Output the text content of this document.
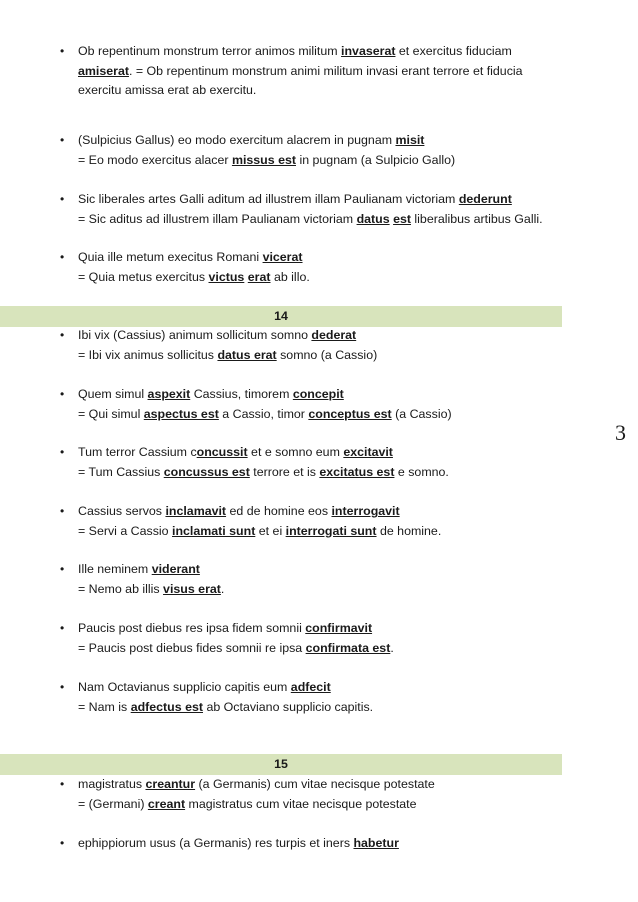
• Ob repentinum monstrum terror animos militum invaserat et exercitus fiduciam
amiserat. = Ob repentinum monstrum animi militum invasi erant terrore et fiducia
exercitu amissa erat ab exercitu.
• (Sulpicius Gallus) eo modo exercitum alacrem in pugnam misit
= Eo modo exercitus alacer missus est in pugnam (a Sulpicio Gallo)
• Sic liberales artes Galli aditum ad illustrem illam Paulianam victoriam dederunt
= Sic aditus ad illustrem illam Paulianam victoriam datus est liberalibus artibus Galli.
• Quia ille metum execitus Romani vicerat
= Quia metus exercitus victus erat ab illo.
14
• Ibi vix (Cassius) animum sollicitum somno dederat
= Ibi vix animus sollicitus datus erat somno (a Cassio)
• Quem simul aspexit Cassius, timorem concepit
= Qui simul aspectus est a Cassio, timor conceptus est (a Cassio)
• Tum terror Cassium concussit et e somno eum excitavit
= Tum Cassius concussus est terrore et is excitatus est e somno.
• Cassius servos inclamavit ed de homine eos interrogavit
= Servi a Cassio inclamati sunt et ei interrogati sunt de homine.
• Ille neminem viderant
= Nemo ab illis visus erat.
• Paucis post diebus res ipsa fidem somnii confirmavit
= Paucis post diebus fides somnii re ipsa confirmata est.
• Nam Octavianus supplicio capitis eum adfecit
= Nam is adfectus est ab Octaviano supplicio capitis.
15
• magistratus creantur (a Germanis) cum vitae necisque potestate
= (Germani) creant magistratus cum vitae necisque potestate
• ephippiorum usus (a Germanis) res turpis et iners habetur
3
